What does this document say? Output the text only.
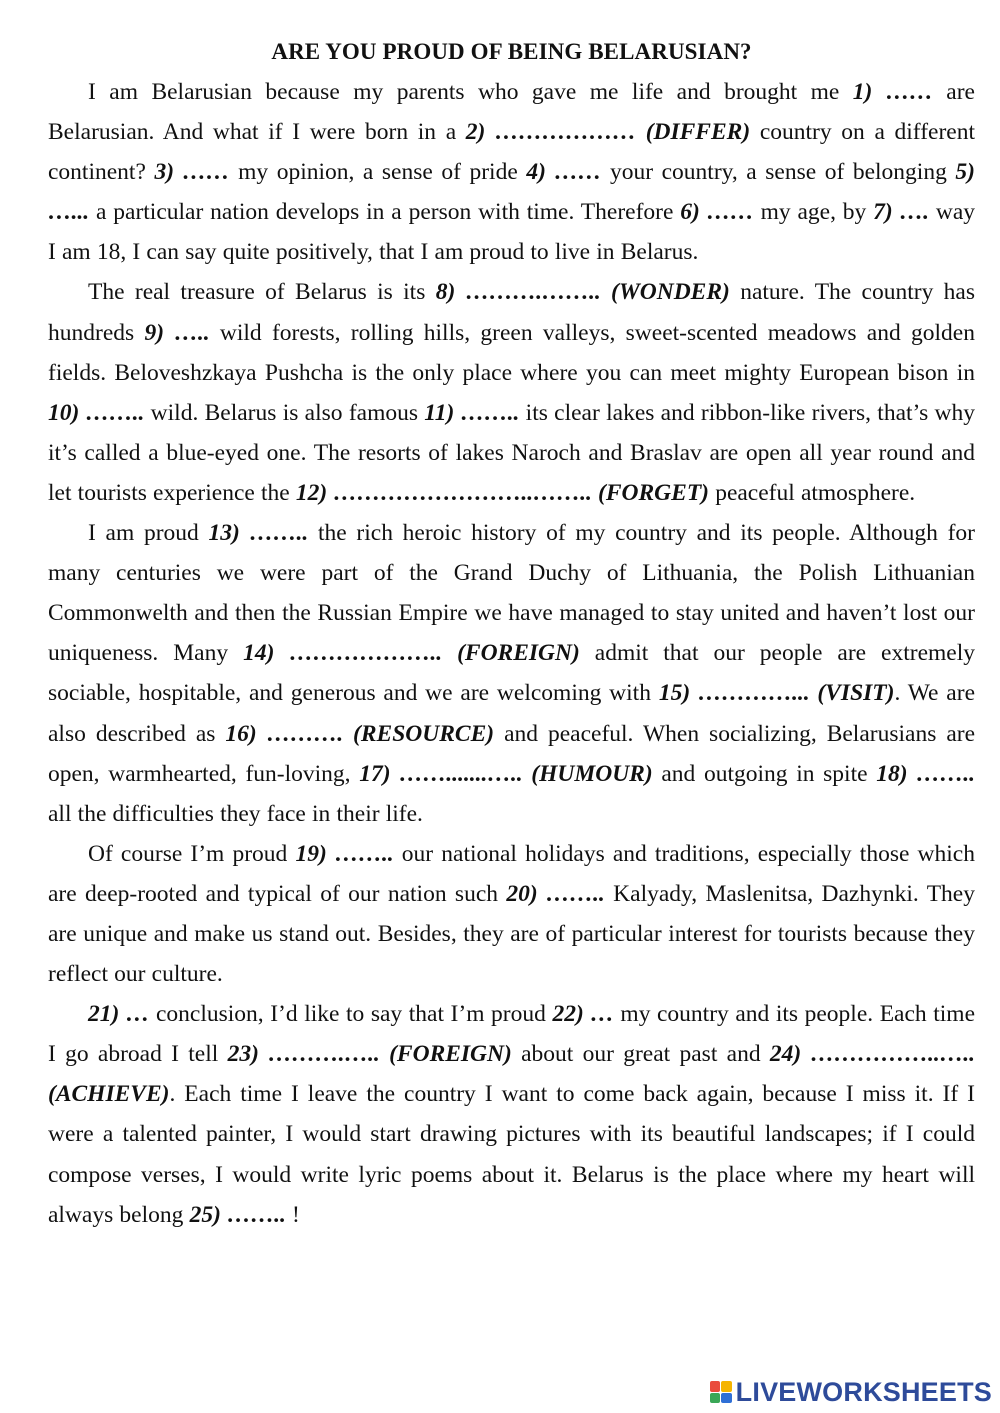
ARE YOU PROUD OF BEING BELARUSIAN?

I am Belarusian because my parents who gave me life and brought me 1) …… are Belarusian. And what if I were born in a 2) ……………… (DIFFER) country on a different continent? 3) …… my opinion, a sense of pride 4) …… your country, a sense of belonging 5) …... a particular nation develops in a person with time. Therefore 6) …… my age, by 7) …. way I am 18, I can say quite positively, that I am proud to live in Belarus.

The real treasure of Belarus is its 8) ……….…….. (WONDER) nature. The country has hundreds 9) ….. wild forests, rolling hills, green valleys, sweet-scented meadows and golden fields. Beloveshzkaya Pushcha is the only place where you can meet mighty European bison in 10) …….. wild. Belarus is also famous 11) …….. its clear lakes and ribbon-like rivers, that’s why it’s called a blue-eyed one. The resorts of lakes Naroch and Braslav are open all year round and let tourists experience the 12) ……………………..…….. (FORGET) peaceful atmosphere.

I am proud 13) …….. the rich heroic history of my country and its people. Although for many centuries we were part of the Grand Duchy of Lithuania, the Polish Lithuanian Commonwelth and then the Russian Empire we have managed to stay united and haven’t lost our uniqueness. Many 14) ……………….. (FOREIGN) admit that our people are extremely sociable, hospitable, and generous and we are welcoming with 15) …………... (VISIT). We are also described as 16) ………. (RESOURCE) and peaceful. When socializing, Belarusians are open, warmhearted, fun-loving, 17) …….......….. (HUMOUR) and outgoing in spite 18) …….. all the difficulties they face in their life.

Of course I’m proud 19) …….. our national holidays and traditions, especially those which are deep-rooted and typical of our nation such 20) …….. Kalyady, Maslenitsa, Dazhynki. They are unique and make us stand out. Besides, they are of particular interest for tourists because they reflect our culture.

21) … conclusion, I’d like to say that I’m proud 22) … my country and its people. Each time I go abroad I tell 23) ……….….. (FOREIGN) about our great past and 24) ……………..….. (ACHIEVE). Each time I leave the country I want to come back again, because I miss it. If I were a talented painter, I would start drawing pictures with its beautiful landscapes; if I could compose verses, I would write lyric poems about it. Belarus is the place where my heart will always belong 25) …….. !

LIVEWORKSHEETS
